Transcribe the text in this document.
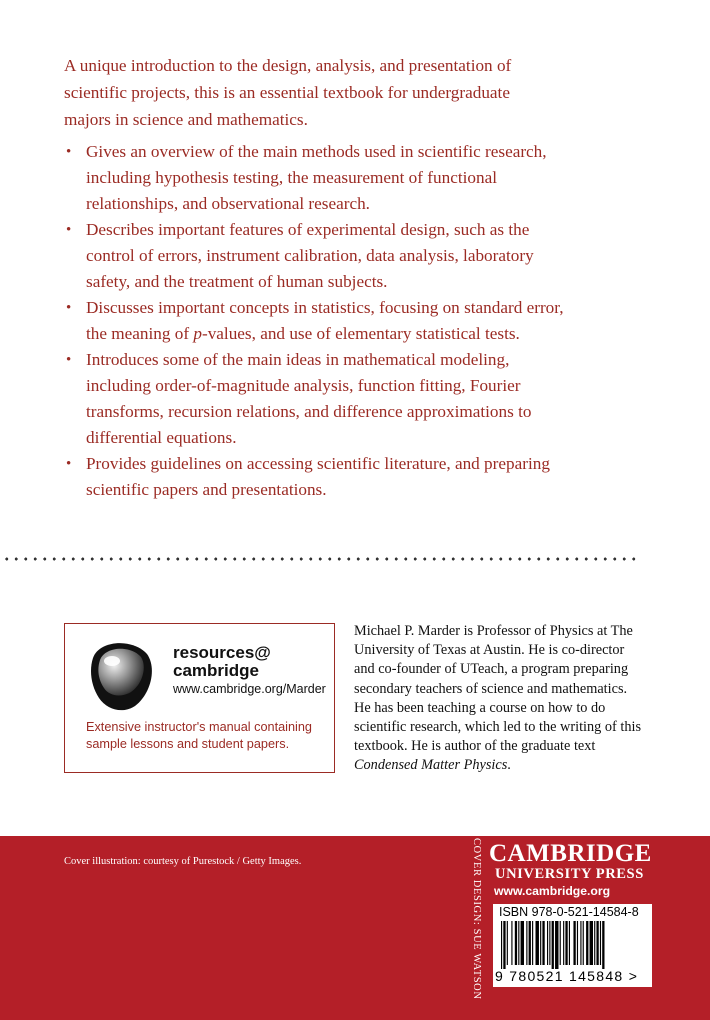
A unique introduction to the design, analysis, and presentation of scientific projects, this is an essential textbook for undergraduate majors in science and mathematics.

• Gives an overview of the main methods used in scientific research, including hypothesis testing, the measurement of functional relationships, and observational research.
• Describes important features of experimental design, such as the control of errors, instrument calibration, data analysis, laboratory safety, and the treatment of human subjects.
• Discusses important concepts in statistics, focusing on standard error, the meaning of p-values, and use of elementary statistical tests.
• Introduces some of the main ideas in mathematical modeling, including order-of-magnitude analysis, function fitting, Fourier transforms, recursion relations, and difference approximations to differential equations.
• Provides guidelines on accessing scientific literature, and preparing scientific papers and presentations.
resources@
cambridge
www.cambridge.org/Marder
Extensive instructor's manual containing sample lessons and student papers.

Michael P. Marder is Professor of Physics at The University of Texas at Austin. He is co-director and co-founder of UTeach, a program preparing secondary teachers of science and mathematics. He has been teaching a course on how to do scientific research, which led to the writing of this textbook. He is author of the graduate text Condensed Matter Physics.

Cover illustration: courtesy of Purestock / Getty Images.	COVER DESIGN: SUE WATSON CAMBRIDGE
UNIVERSITY PRESS
www.cambridge.org
ISBN 978-0-521-14584-8
9 780521 145848 >
